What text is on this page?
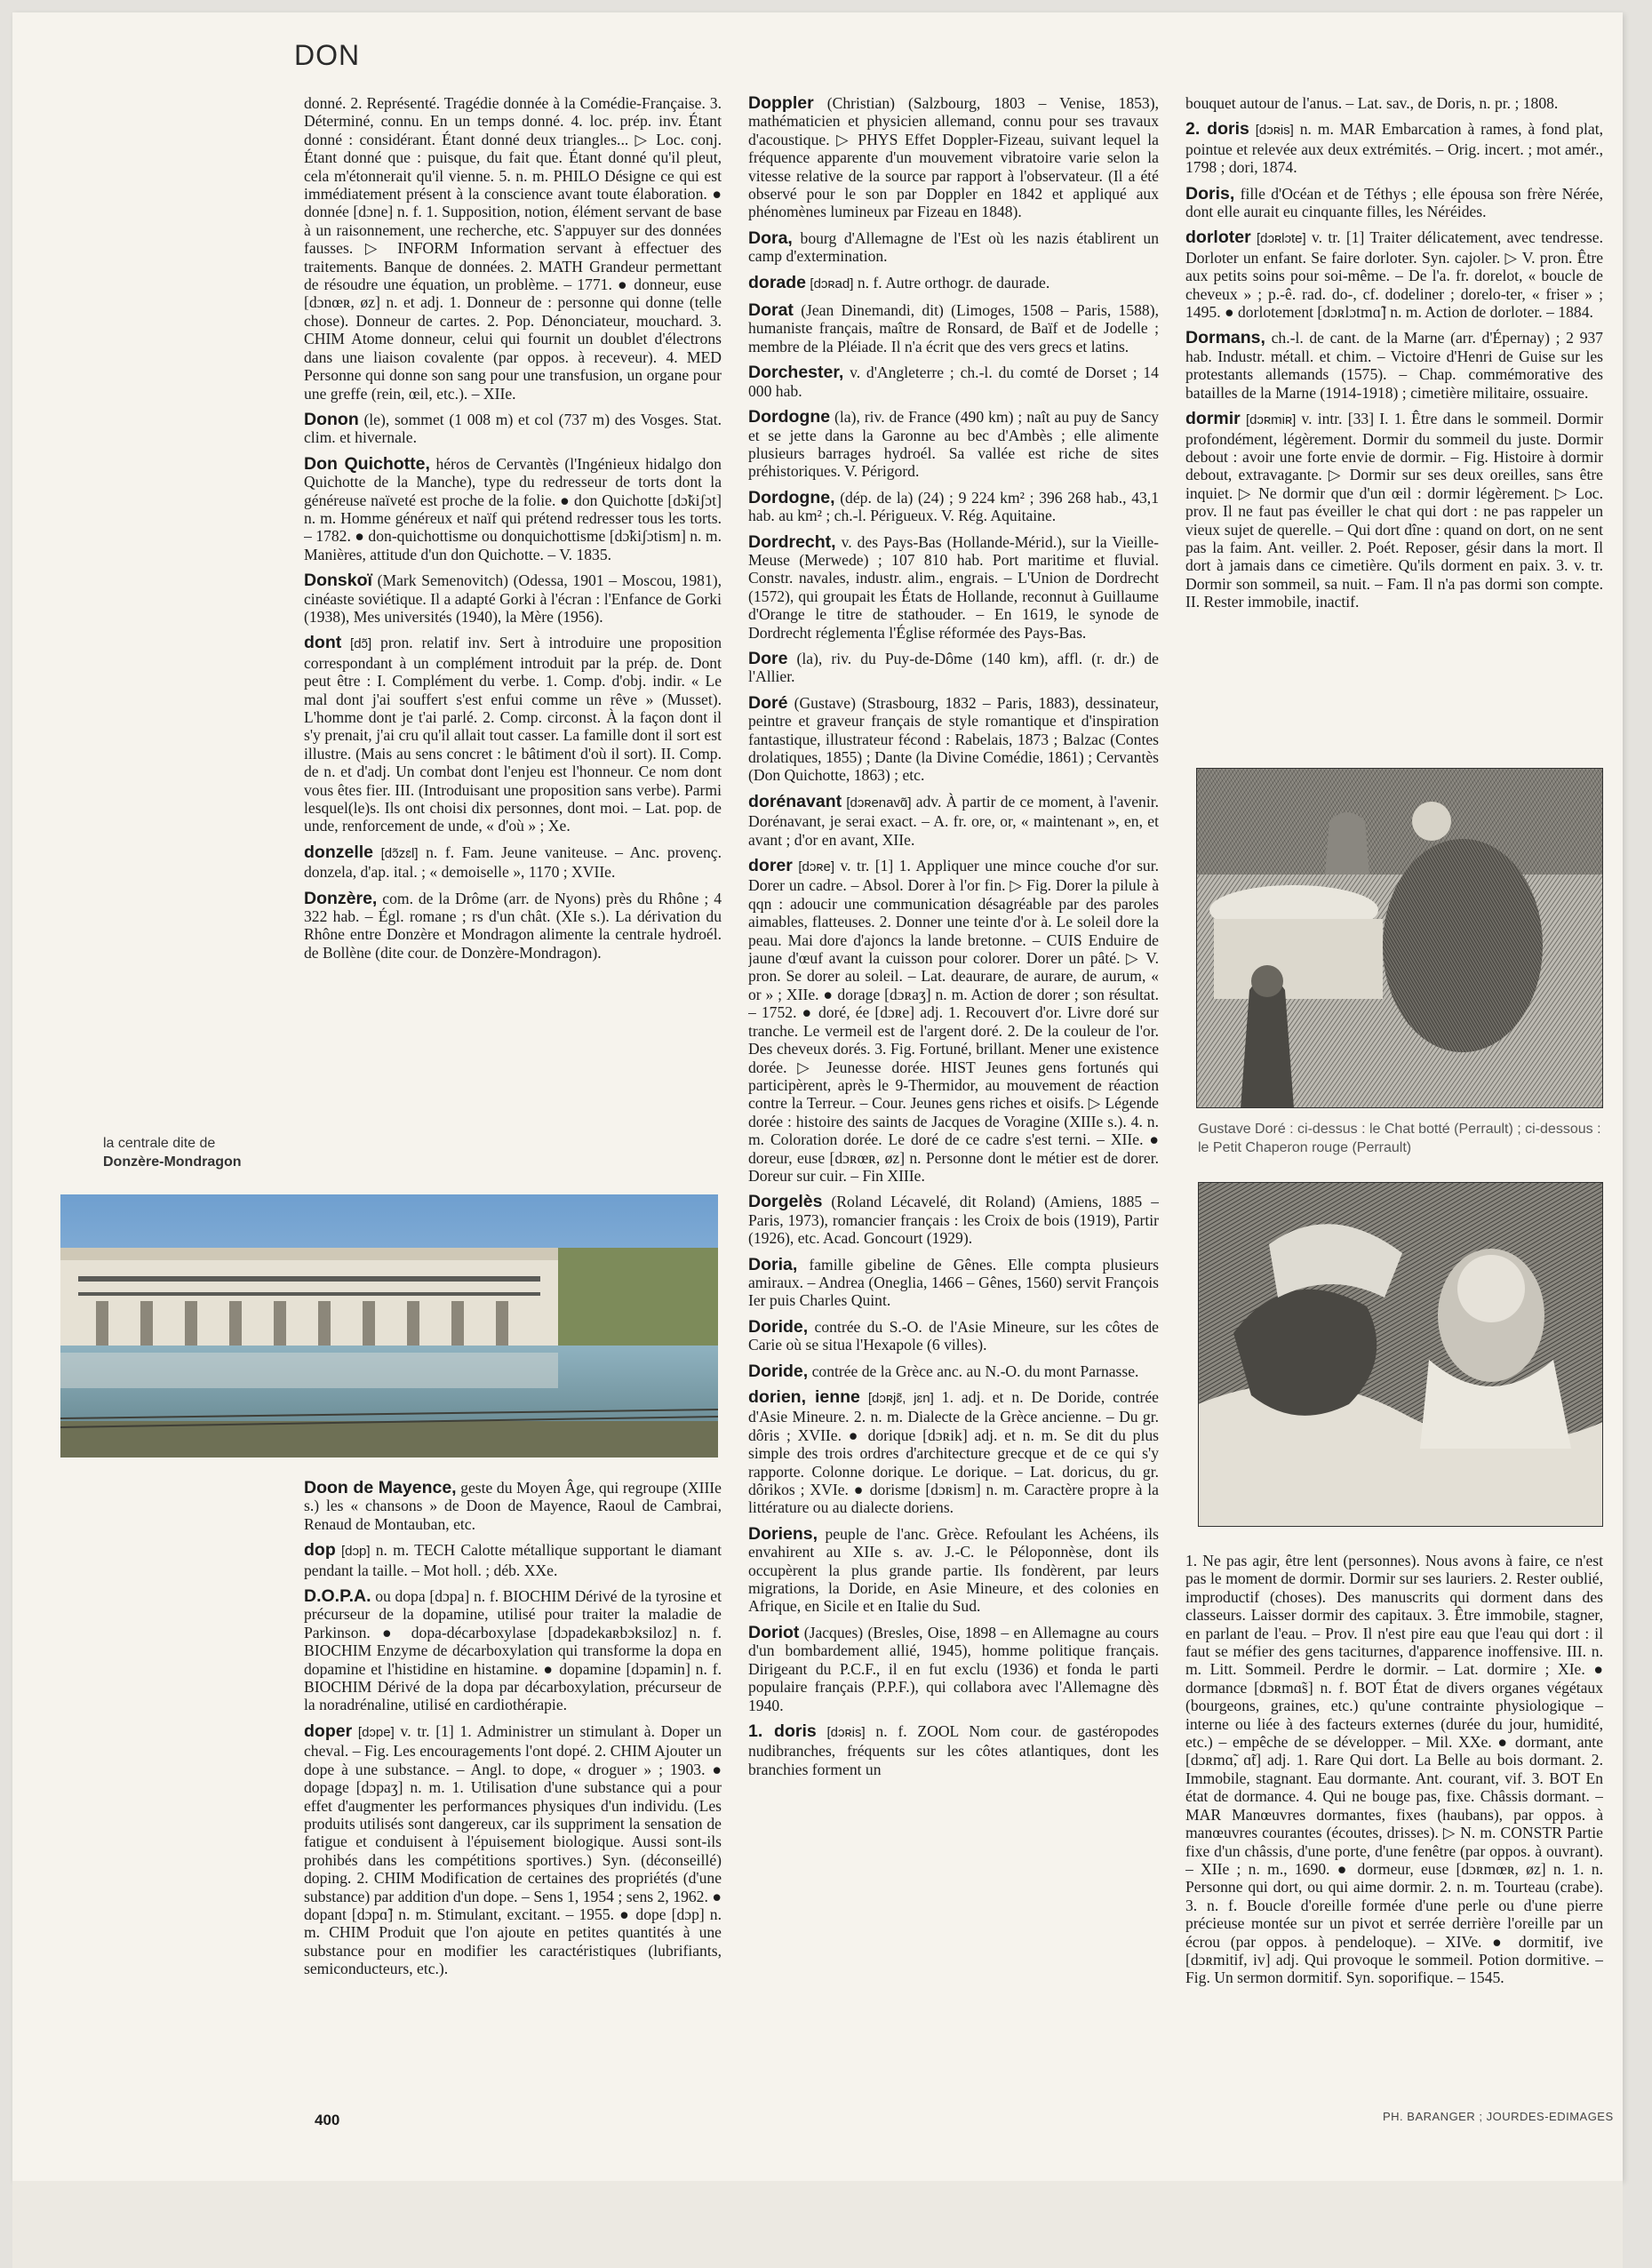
DON

donné. 2. Représenté. Tragédie donnée à la Comédie-Française. 3. Déterminé, connu. En un temps donné. 4. loc. prép. inv. Étant donné : considérant. Étant donné deux triangles... ▷ Loc. conj. Étant donné que : puisque, du fait que. Étant donné qu'il pleut, cela m'étonnerait qu'il vienne. 5. n. m. PHILO Désigne ce qui est immédiatement présent à la conscience avant toute élaboration. ● donnée [dɔne] n. f. 1. Supposition, notion, élément servant de base à un raisonnement, une recherche, etc. S'appuyer sur des données fausses. ▷ INFORM Information servant à effectuer des traitements. Banque de données. 2. MATH Grandeur permettant de résoudre une équation, un problème. – 1771. ● donneur, euse [dɔnœʀ, øz] n. et adj. 1. Donneur de : personne qui donne (telle chose). Donneur de cartes. 2. Pop. Dénonciateur, mouchard. 3. CHIM Atome donneur, celui qui fournit un doublet d'électrons dans une liaison covalente (par oppos. à receveur). 4. MED Personne qui donne son sang pour une transfusion, un organe pour une greffe (rein, œil, etc.). – XIIe.

Donon (le), sommet (1 008 m) et col (737 m) des Vosges. Stat. clim. et hivernale.

Don Quichotte, héros de Cervantès (l'Ingénieux hidalgo don Quichotte de la Manche), type du redresseur de torts dont la généreuse naïveté est proche de la folie. ● don Quichotte [dɔ̃kiʃɔt] n. m. Homme généreux et naïf qui prétend redresser tous les torts. – 1782. ● don-quichottisme ou donquichottisme [dɔ̃kiʃɔtism] n. m. Manières, attitude d'un don Quichotte. – V. 1835.

Donskoï (Mark Semenovitch) (Odessa, 1901 – Moscou, 1981), cinéaste soviétique. Il a adapté Gorki à l'écran : l'Enfance de Gorki (1938), Mes universités (1940), la Mère (1956).

dont [dɔ̃] pron. relatif inv. Sert à introduire une proposition correspondant à un complément introduit par la prép. de. Dont peut être : I. Complément du verbe. 1. Comp. d'obj. indir. « Le mal dont j'ai souffert s'est enfui comme un rêve » (Musset). L'homme dont je t'ai parlé. 2. Comp. circonst. À la façon dont il s'y prenait, j'ai cru qu'il allait tout casser. La famille dont il sort est illustre. (Mais au sens concret : le bâtiment d'où il sort). II. Comp. de n. et d'adj. Un combat dont l'enjeu est l'honneur. Ce nom dont vous êtes fier. III. (Introduisant une proposition sans verbe). Parmi lesquel(le)s. Ils ont choisi dix personnes, dont moi. – Lat. pop. de unde, renforcement de unde, « d'où » ; Xe.

donzelle [dɔ̃zɛl] n. f. Fam. Jeune vaniteuse. – Anc. provenç. donzela, d'ap. ital. ; « demoiselle », 1170 ; XVIIe.

Donzère, com. de la Drôme (arr. de Nyons) près du Rhône ; 4 322 hab. – Égl. romane ; rs d'un chât. (XIe s.). La dérivation du Rhône entre Donzère et Mondragon alimente la centrale hydroél. de Bollène (dite cour. de Donzère-Mondragon).

la centrale dite de
Donzère-Mondragon

Doon de Mayence, geste du Moyen Âge, qui regroupe (XIIIe s.) les « chansons » de Doon de Mayence, Raoul de Cambrai, Renaud de Montauban, etc.

dop [dɔp] n. m. TECH Calotte métallique supportant le diamant pendant la taille. – Mot holl. ; déb. XXe.

D.O.P.A. ou dopa [dɔpa] n. f. BIOCHIM Dérivé de la tyrosine et précurseur de la dopamine, utilisé pour traiter la maladie de Parkinson. ● dopa-décarboxylase [dɔpadekaʀbɔksiloz] n. f. BIOCHIM Enzyme de décarboxylation qui transforme la dopa en dopamine et l'histidine en histamine. ● dopamine [dɔpamin] n. f. BIOCHIM Dérivé de la dopa par décarboxylation, précurseur de la noradrénaline, utilisé en cardiothérapie.

doper [dɔpe] v. tr. [1] 1. Administrer un stimulant à. Doper un cheval. – Fig. Les encouragements l'ont dopé. 2. CHIM Ajouter un dope à une substance. – Angl. to dope, « droguer » ; 1903. ● dopage [dɔpaʒ] n. m. 1. Utilisation d'une substance qui a pour effet d'augmenter les performances physiques d'un individu. (Les produits utilisés sont dangereux, car ils suppriment la sensation de fatigue et conduisent à l'épuisement biologique. Aussi sont-ils prohibés dans les compétitions sportives.) Syn. (déconseillé) doping. 2. CHIM Modification de certaines des propriétés (d'une substance) par addition d'un dope. – Sens 1, 1954 ; sens 2, 1962. ● dopant [dɔpɑ̃] n. m. Stimulant, excitant. – 1955. ● dope [dɔp] n. m. CHIM Produit que l'on ajoute en petites quantités à une substance pour en modifier les caractéristiques (lubrifiants, semiconducteurs, etc.).

Doppler (Christian) (Salzbourg, 1803 – Venise, 1853), mathématicien et physicien allemand, connu pour ses travaux d'acoustique. ▷ PHYS Effet Doppler-Fizeau, suivant lequel la fréquence apparente d'un mouvement vibratoire varie selon la vitesse relative de la source par rapport à l'observateur. (Il a été observé pour le son par Doppler en 1842 et appliqué aux phénomènes lumineux par Fizeau en 1848).

Dora, bourg d'Allemagne de l'Est où les nazis établirent un camp d'extermination.

dorade [dɔʀad] n. f. Autre orthogr. de daurade.

Dorat (Jean Dinemandi, dit) (Limoges, 1508 – Paris, 1588), humaniste français, maître de Ronsard, de Baïf et de Jodelle ; membre de la Pléiade. Il n'a écrit que des vers grecs et latins.

Dorchester, v. d'Angleterre ; ch.-l. du comté de Dorset ; 14 000 hab.

Dordogne (la), riv. de France (490 km) ; naît au puy de Sancy et se jette dans la Garonne au bec d'Ambès ; elle alimente plusieurs barrages hydroél. Sa vallée est riche de sites préhistoriques. V. Périgord.

Dordogne, (dép. de la) (24) ; 9 224 km² ; 396 268 hab., 43,1 hab. au km² ; ch.-l. Périgueux. V. Rég. Aquitaine.

Dordrecht, v. des Pays-Bas (Hollande-Mérid.), sur la Vieille-Meuse (Merwede) ; 107 810 hab. Port maritime et fluvial. Constr. navales, industr. alim., engrais. – L'Union de Dordrecht (1572), qui groupait les États de Hollande, reconnut à Guillaume d'Orange le titre de stathouder. – En 1619, le synode de Dordrecht réglementa l'Église réformée des Pays-Bas.

Dore (la), riv. du Puy-de-Dôme (140 km), affl. (r. dr.) de l'Allier.

Doré (Gustave) (Strasbourg, 1832 – Paris, 1883), dessinateur, peintre et graveur français de style romantique et d'inspiration fantastique, illustrateur fécond : Rabelais, 1873 ; Balzac (Contes drolatiques, 1855) ; Dante (la Divine Comédie, 1861) ; Cervantès (Don Quichotte, 1863) ; etc.

dorénavant [dɔʀenavɑ̃] adv. À partir de ce moment, à l'avenir. Dorénavant, je serai exact. – A. fr. ore, or, « maintenant », en, et avant ; d'or en avant, XIIe.

dorer [dɔʀe] v. tr. [1] 1. Appliquer une mince couche d'or sur. Dorer un cadre. – Absol. Dorer à l'or fin. ▷ Fig. Dorer la pilule à qqn : adoucir une communication désagréable par des paroles aimables, flatteuses. 2. Donner une teinte d'or à. Le soleil dore la peau. Mai dore d'ajoncs la lande bretonne. – CUIS Enduire de jaune d'œuf avant la cuisson pour colorer. Dorer un pâté. ▷ V. pron. Se dorer au soleil. – Lat. deaurare, de aurare, de aurum, « or » ; XIIe. ● dorage [dɔʀaʒ] n. m. Action de dorer ; son résultat. – 1752. ● doré, ée [dɔʀe] adj. 1. Recouvert d'or. Livre doré sur tranche. Le vermeil est de l'argent doré. 2. De la couleur de l'or. Des cheveux dorés. 3. Fig. Fortuné, brillant. Mener une existence dorée. ▷ Jeunesse dorée. HIST Jeunes gens fortunés qui participèrent, après le 9-Thermidor, au mouvement de réaction contre la Terreur. – Cour. Jeunes gens riches et oisifs. ▷ Légende dorée : histoire des saints de Jacques de Voragine (XIIIe s.). 4. n. m. Coloration dorée. Le doré de ce cadre s'est terni. – XIIe. ● doreur, euse [dɔʀœʀ, øz] n. Personne dont le métier est de dorer. Doreur sur cuir. – Fin XIIIe.

Dorgelès (Roland Lécavelé, dit Roland) (Amiens, 1885 – Paris, 1973), romancier français : les Croix de bois (1919), Partir (1926), etc. Acad. Goncourt (1929).

Doria, famille gibeline de Gênes. Elle compta plusieurs amiraux. – Andrea (Oneglia, 1466 – Gênes, 1560) servit François Ier puis Charles Quint.

Doride, contrée du S.-O. de l'Asie Mineure, sur les côtes de Carie où se situa l'Hexapole (6 villes).

Doride, contrée de la Grèce anc. au N.-O. du mont Parnasse.

dorien, ienne [dɔʀjɛ̃, jɛn] 1. adj. et n. De Doride, contrée d'Asie Mineure. 2. n. m. Dialecte de la Grèce ancienne. – Du gr. dôris ; XVIIe. ● dorique [dɔʀik] adj. et n. m. Se dit du plus simple des trois ordres d'architecture grecque et de ce qui s'y rapporte. Colonne dorique. Le dorique. – Lat. doricus, du gr. dôrikos ; XVIe. ● dorisme [dɔʀism] n. m. Caractère propre à la littérature ou au dialecte doriens.

Doriens, peuple de l'anc. Grèce. Refoulant les Achéens, ils envahirent au XIIe s. av. J.-C. le Péloponnèse, dont ils occupèrent la plus grande partie. Ils fondèrent, par leurs migrations, la Doride, en Asie Mineure, et des colonies en Afrique, en Sicile et en Italie du Sud.

Doriot (Jacques) (Bresles, Oise, 1898 – en Allemagne au cours d'un bombardement allié, 1945), homme politique français. Dirigeant du P.C.F., il en fut exclu (1936) et fonda le parti populaire français (P.P.F.), qui collabora avec l'Allemagne dès 1940.

1. doris [dɔʀis] n. f. ZOOL Nom cour. de gastéropodes nudibranches, fréquents sur les côtes atlantiques, dont les branchies forment un

bouquet autour de l'anus. – Lat. sav., de Doris, n. pr. ; 1808.

2. doris [dɔʀis] n. m. MAR Embarcation à rames, à fond plat, pointue et relevée aux deux extrémités. – Orig. incert. ; mot amér., 1798 ; dori, 1874.

Doris, fille d'Océan et de Téthys ; elle épousa son frère Nérée, dont elle aurait eu cinquante filles, les Néréides.

dorloter [dɔʀlɔte] v. tr. [1] Traiter délicatement, avec tendresse. Dorloter un enfant. Se faire dorloter. Syn. cajoler. ▷ V. pron. Être aux petits soins pour soi-même. – De l'a. fr. dorelot, « boucle de cheveux » ; p.-ê. rad. do-, cf. dodeliner ; dorelo-ter, « friser » ; 1495. ● dorlotement [dɔʀlɔtmɑ̃] n. m. Action de dorloter. – 1884.

Dormans, ch.-l. de cant. de la Marne (arr. d'Épernay) ; 2 937 hab. Industr. métall. et chim. – Victoire d'Henri de Guise sur les protestants allemands (1575). – Chap. commémorative des batailles de la Marne (1914-1918) ; cimetière militaire, ossuaire.

dormir [dɔʀmiʀ] v. intr. [33] I. 1. Être dans le sommeil. Dormir profondément, légèrement. Dormir du sommeil du juste. Dormir debout : avoir une forte envie de dormir. – Fig. Histoire à dormir debout, extravagante. ▷ Dormir sur ses deux oreilles, sans être inquiet. ▷ Ne dormir que d'un œil : dormir légèrement. ▷ Loc. prov. Il ne faut pas éveiller le chat qui dort : ne pas rappeler un vieux sujet de querelle. – Qui dort dîne : quand on dort, on ne sent pas la faim. Ant. veiller. 2. Poét. Reposer, gésir dans la mort. Il dort à jamais dans ce cimetière. Qu'ils dorment en paix. 3. v. tr. Dormir son sommeil, sa nuit. – Fam. Il n'a pas dormi son compte. II. Rester immobile, inactif.

Gustave Doré : ci-dessus : le Chat botté (Perrault) ; ci-dessous : le Petit Chaperon rouge (Perrault)

1. Ne pas agir, être lent (personnes). Nous avons à faire, ce n'est pas le moment de dormir. Dormir sur ses lauriers. 2. Rester oublié, improductif (choses). Des manuscrits qui dorment dans des classeurs. Laisser dormir des capitaux. 3. Être immobile, stagner, en parlant de l'eau. – Prov. Il n'est pire eau que l'eau qui dort : il faut se méfier des gens taciturnes, d'apparence inoffensive. III. n. m. Litt. Sommeil. Perdre le dormir. – Lat. dormire ; XIe. ● dormance [dɔʀmɑ̃s] n. f. BOT État de divers organes végétaux (bourgeons, graines, etc.) qu'une contrainte physiologique – interne ou liée à des facteurs externes (durée du jour, humidité, etc.) – empêche de se développer. – Mil. XXe. ● dormant, ante [dɔʀmɑ̃, ɑ̃t] adj. 1. Rare Qui dort. La Belle au bois dormant. 2. Immobile, stagnant. Eau dormante. Ant. courant, vif. 3. BOT En état de dormance. 4. Qui ne bouge pas, fixe. Châssis dormant. – MAR Manœuvres dormantes, fixes (haubans), par oppos. à manœuvres courantes (écoutes, drisses). ▷ N. m. CONSTR Partie fixe d'un châssis, d'une porte, d'une fenêtre (par oppos. à ouvrant). – XIIe ; n. m., 1690. ● dormeur, euse [dɔʀmœʀ, øz] n. 1. n. Personne qui dort, ou qui aime dormir. 2. n. m. Tourteau (crabe). 3. n. f. Boucle d'oreille formée d'une perle ou d'une pierre précieuse montée sur un pivot et serrée derrière l'oreille par un écrou (par oppos. à pendeloque). – XIVe. ● dormitif, ive [dɔʀmitif, iv] adj. Qui provoque le sommeil. Potion dormitive. – Fig. Un sermon dormitif. Syn. soporifique. – 1545.

400	PH. BARANGER ; JOURDES-EDIMAGES
